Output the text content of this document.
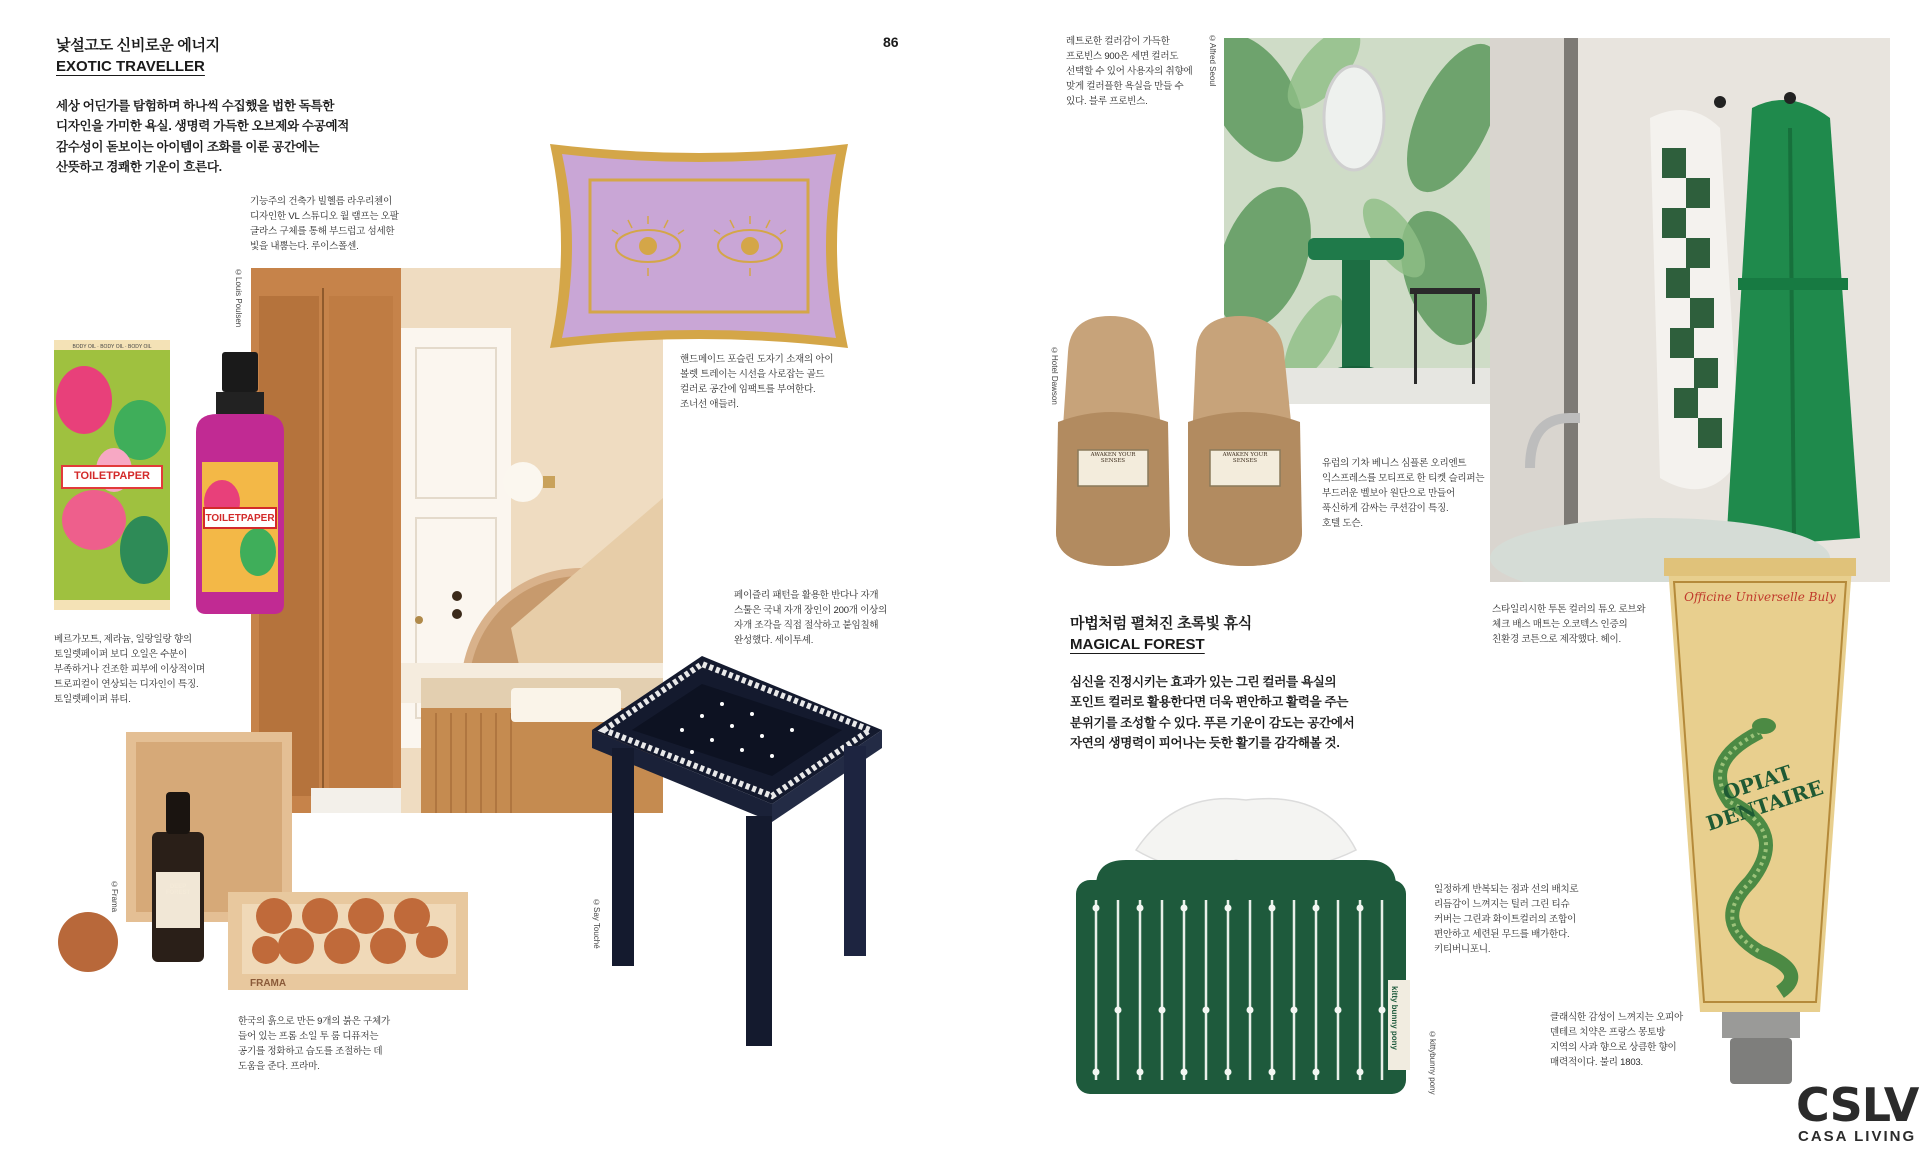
낯설고도 신비로운 에너지
EXOTIC TRAVELLER
86
세상 어딘가를 탐험하며 하나씩 수집했을 법한 독특한
디자인을 가미한 욕실. 생명력 가득한 오브제와 수공예적
감수성이 돋보이는 아이템이 조화를 이룬 공간에는
산뜻하고 경쾌한 기운이 흐른다.
기능주의 건축가 빌헬름 라우리첸이
디자인한 VL 스튜디오 월 램프는 오팔
글라스 구체를 통해 부드럽고 섬세한
빛을 내뿜는다. 루이스폴센.
©Louis Poulsen
핸드메이드 포슬린 도자기 소재의 아이
볼렛 트레이는 시선을 사로잡는 골드
컬러로 공간에 임팩트를 부여한다.
조너선 애들러.
TOILETPAPER
BODY OIL · BODY OIL · BODY OIL
TOILETPAPER
베르가모트, 제라늄, 일랑일랑 향의
토일렛페이퍼 보디 오일은 수분이
부족하거나 건조한 피부에 이상적이며
트로피컬이 연상되는 디자인이 특징.
토일렛페이퍼 뷰티.
©Say Touché
페이즐리 패턴을 활용한 반다나 자개
스툴은 국내 자개 장인이 200개 이상의
자개 조각을 직접 절삭하고 붙임칠해
완성했다. 세이투셰.
©Frama	DEEP FOREST
FRAMA
한국의 흙으로 만든 9개의 붉은 구체가
들어 있는 프롬 소일 투 룸 디퓨저는
공기를 정화하고 습도를 조절하는 데
도움을 준다. 프라마.
레트로한 컬러감이 가득한
프로빈스 900은 세면 컬러도
선택할 수 있어 사용자의 취향에
맞게 컬러플한 욕실을 만들 수
있다. 블루 프로빈스.
©Alfred Seoul
©Hotel Dawson
AWAKEN YOUR SENSES
AWAKEN YOUR SENSES	유럽의 기차 베니스 심플론 오리엔트
익스프레스를 모티프로 한 티켓 슬리퍼는
부드러운 벨보아 원단으로 만들어
푹신하게 감싸는 쿠션감이 특징.
호텔 도슨.
스타일리시한 투톤 컬러의 튜오 로브와
체크 배스 매트는 오코텍스 인증의
친환경 코튼으로 제작했다. 헤이.
마법처럼 펼쳐진 초록빛 휴식
MAGICAL FOREST
심신을 진정시키는 효과가 있는 그린 컬러를 욕실의
포인트 컬러로 활용한다면 더욱 편안하고 활력을 주는
분위기를 조성할 수 있다. 푸른 기운이 감도는 공간에서
자연의 생명력이 피어나는 듯한 활기를 감각해볼 것.
kitty bunny pony
©kittybunny pony
일정하게 반복되는 점과 선의 배치로
리듬감이 느껴지는 틸러 그린 티슈
커버는 그린과 화이트컬러의 조합이
편안하고 세련된 무드를 배가한다.
키티버니포니.
Officine Universelle Buly
OPIAT DENTAIRE
클래식한 감성이 느껴지는 오피아
덴테르 치약은 프랑스 몽토방
지역의 사과 향으로 상큼한 향이
매력적이다. 불리 1803.
CSLV
CASA LIVING
